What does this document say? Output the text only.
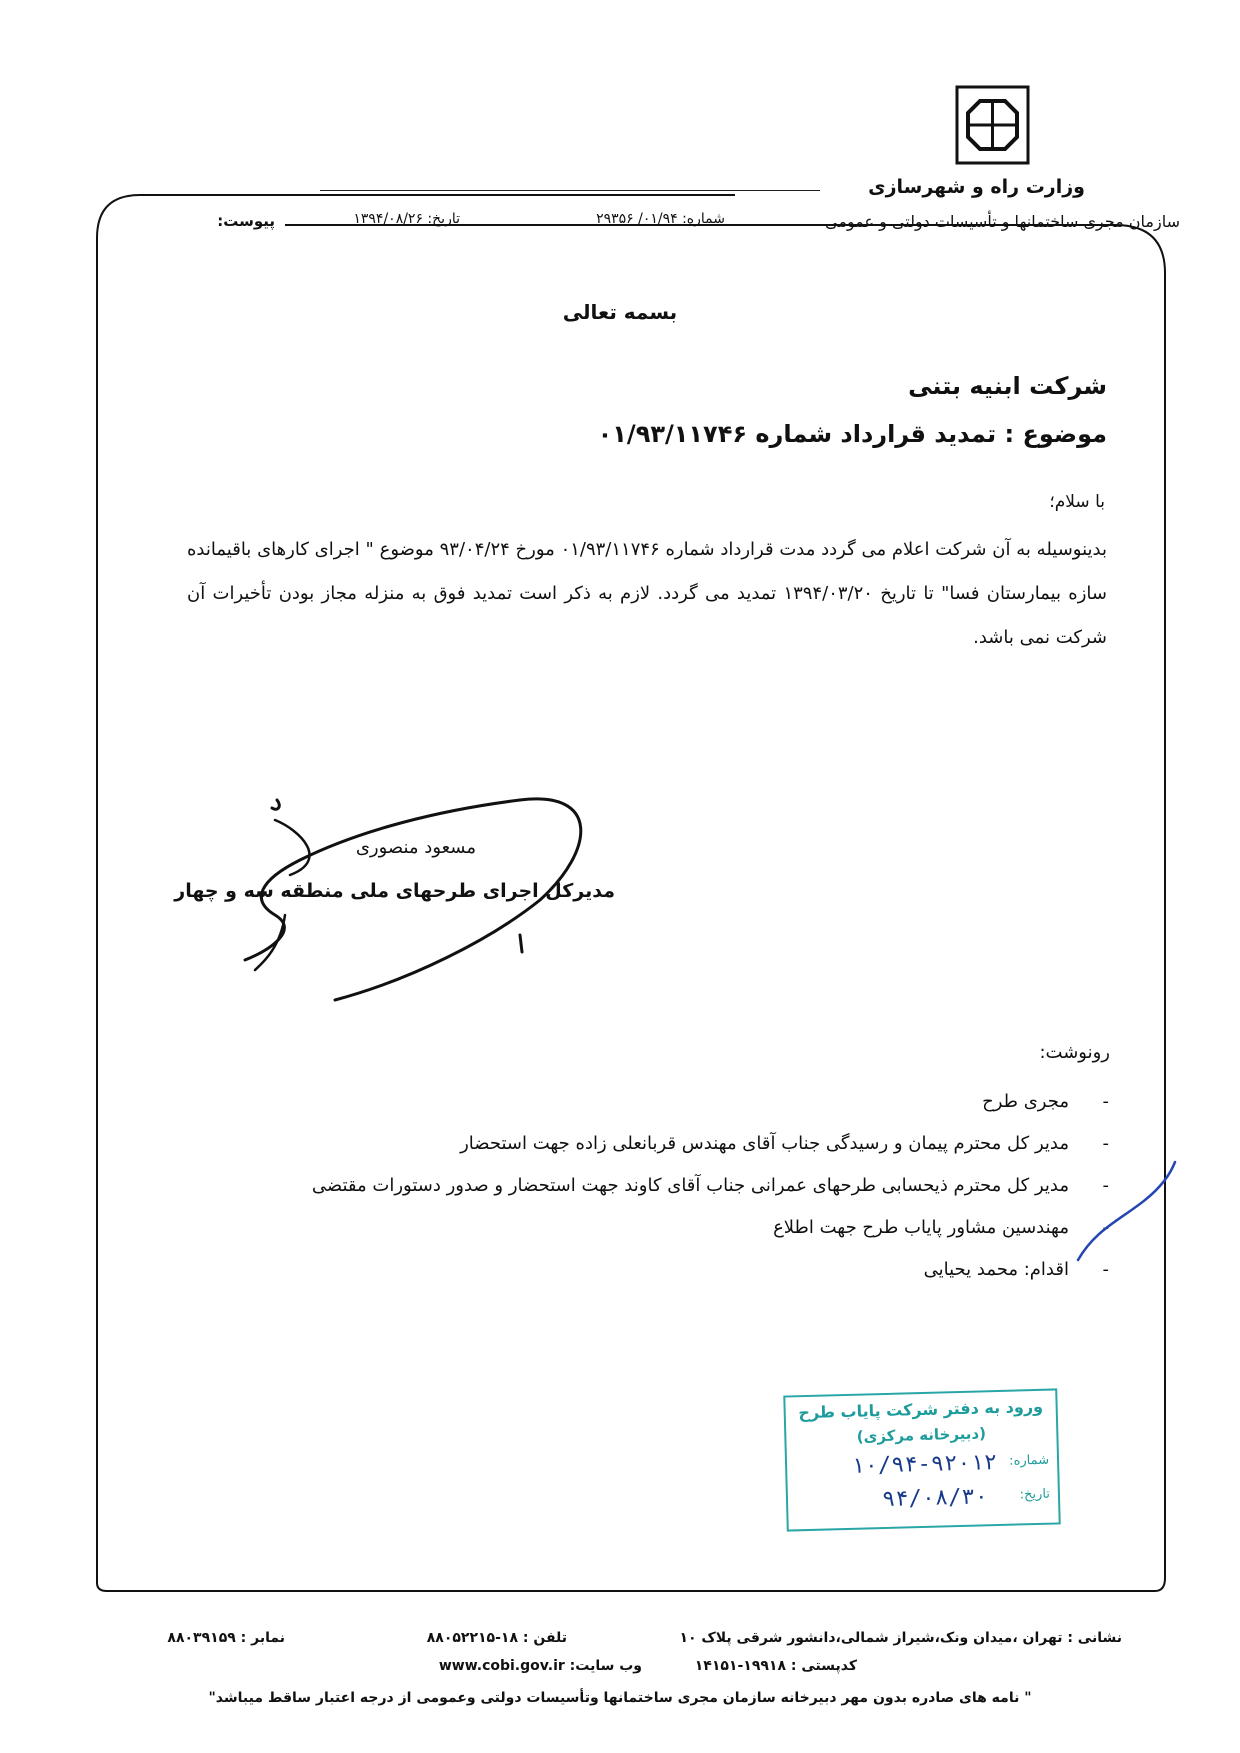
وزارت راه و شهرسازی
سازمان مجری ساختمانها و تأسیسات دولتی و عمومی
شماره: ۰۱/۹۴/ ۲۹۳۵۶
تاریخ: ۱۳۹۴/۰۸/۲۶
پیوست:
بسمه تعالی
شرکت ابنیه بتنی
موضوع : تمدید قرارداد شماره ۰۱/۹۳/۱۱۷۴۶
با سلام؛
بدینوسیله به آن شرکت اعلام می گردد مدت قرارداد شماره ۰۱/۹۳/۱۱۷۴۶ مورخ ۹۳/۰۴/۲۴ موضوع " اجرای کارهای باقیمانده سازه بیمارستان فسا" تا تاریخ ۱۳۹۴/۰۳/۲۰ تمدید می گردد. لازم به ذکر است تمدید فوق به منزله مجاز بودن تأخیرات آن شرکت نمی باشد.
مسعود منصوری
مدیرکل اجرای طرحهای ملی منطقه سه و چهار
رونوشت:
-
مجری طرح
-
مدیر کل محترم پیمان و رسیدگی جناب آقای مهندس قربانعلی زاده جهت استحضار
-
مدیر کل محترم ذیحسابی طرحهای عمرانی جناب آقای کاوند جهت استحضار و صدور دستورات مقتضی
-
مهندسین مشاور پایاب طرح جهت اطلاع
-
اقدام: محمد یحیایی
ورود به دفتر شرکت پایاب طرح
(دبیرخانه مرکزی)
شماره:
۱۰/۹۴-۹۲۰۱۲
تاریخ:
۹۴/۰۸/۳۰
نشانی : تهران ،میدان ونک،شیراز شمالی،دانشور شرقی پلاک ۱۰
تلفن : ۱۸-۸۸۰۵۲۲۱۵
نمابر : ۸۸۰۳۹۱۵۹
کدپستی : ۱۹۹۱۸-۱۴۱۵۱
وب سایت: www.cobi.gov.ir
" نامه های صادره بدون مهر دبیرخانه سازمان مجری ساختمانها وتأسیسات دولتی وعمومی از درجه اعتبار ساقط میباشد"
